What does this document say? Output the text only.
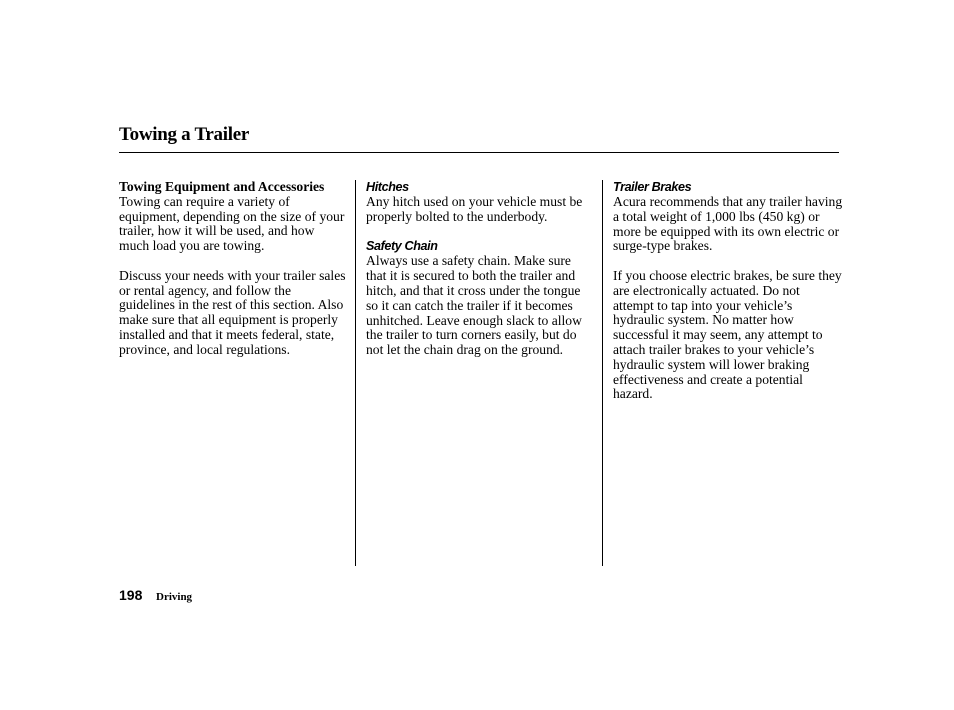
Towing a Trailer

Towing Equipment and Accessories

Towing can require a variety of equipment, depending on the size of your trailer, how it will be used, and how much load you are towing.

Discuss your needs with your trailer sales or rental agency, and follow the guidelines in the rest of this section. Also make sure that all equipment is properly installed and that it meets federal, state, province, and local regulations.

Hitches

Any hitch used on your vehicle must be properly bolted to the underbody.

Safety Chain

Always use a safety chain. Make sure that it is secured to both the trailer and hitch, and that it cross under the tongue so it can catch the trailer if it becomes unhitched. Leave enough slack to allow the trailer to turn corners easily, but do not let the chain drag on the ground.

Trailer Brakes

Acura recommends that any trailer having a total weight of 1,000 lbs (450 kg) or more be equipped with its own electric or surge-type brakes.

If you choose electric brakes, be sure they are electronically actuated. Do not attempt to tap into your vehicle’s hydraulic system. No matter how successful it may seem, any attempt to attach trailer brakes to your vehicle’s hydraulic system will lower braking effectiveness and create a potential hazard.

198 Driving
